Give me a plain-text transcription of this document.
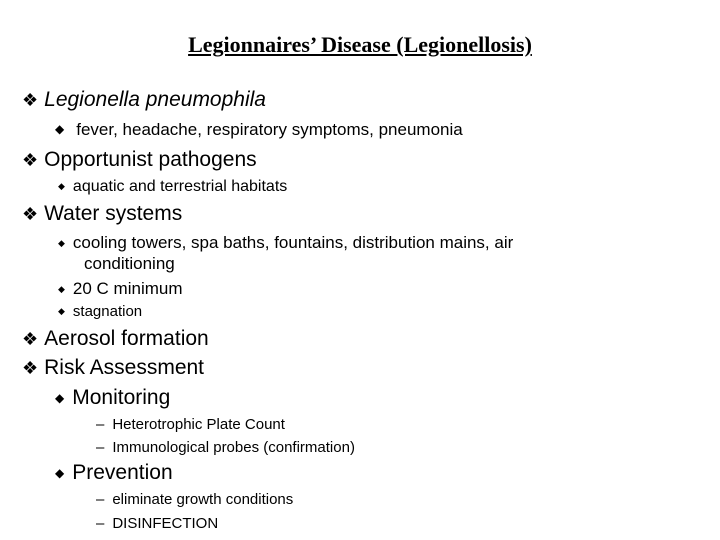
Legionnaires’ Disease (Legionellosis)
❖ Legionella pneumophila
◆ fever, headache, respiratory symptoms, pneumonia
❖ Opportunist pathogens
◆ aquatic and terrestrial habitats
❖ Water systems
◆ cooling towers, spa baths, fountains, distribution mains, air
conditioning
◆ 20 C minimum
◆ stagnation
❖ Aerosol formation
❖ Risk Assessment
◆ Monitoring
– Heterotrophic Plate Count
– Immunological probes (confirmation)
◆ Prevention
– eliminate growth conditions
– DISINFECTION
